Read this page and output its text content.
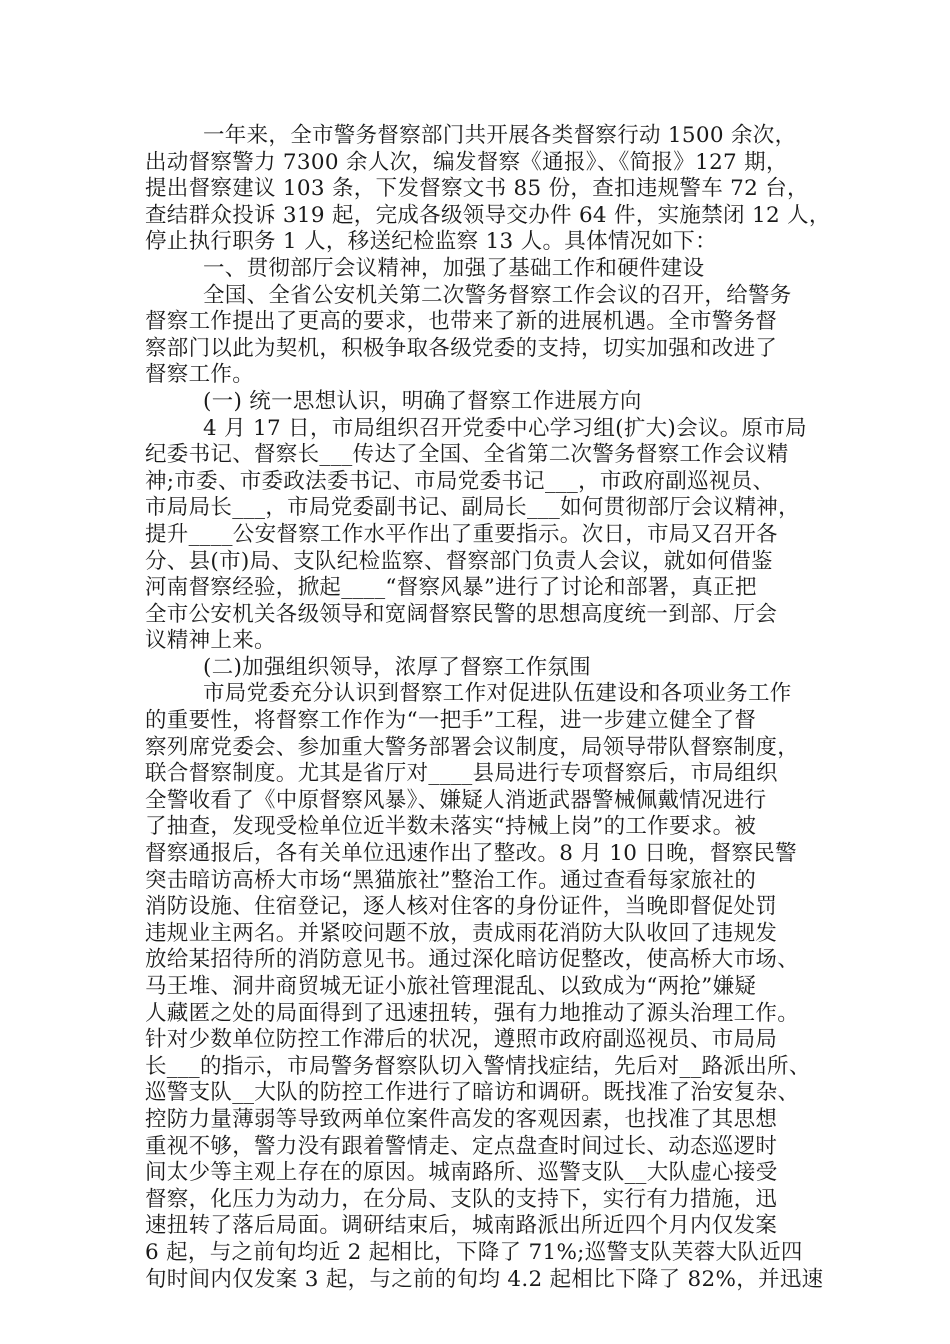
一年来，全市警务督察部门共开展各类督察行动 1500 余次，
出动督察警力 7300 余人次，编发督察《通报》、《简报》127 期，
提出督察建议 103 条，下发督察文书 85 份，查扣违规警车 72 台，
查结群众投诉 319 起，完成各级领导交办件 64 件，实施禁闭 12 人，
停止执行职务 1 人，移送纪检监察 13 人。具体情况如下：
一、贯彻部厅会议精神，加强了基础工作和硬件建设
全国、全省公安机关第二次警务督察工作会议的召开，给警务
督察工作提出了更高的要求，也带来了新的进展机遇。全市警务督
察部门以此为契机，积极争取各级党委的支持，切实加强和改进了
督察工作。
(一) 统一思想认识，明确了督察工作进展方向
4 月 17 日，市局组织召开党委中心学习组(扩大)会议。原市局
纪委书记、督察长___传达了全国、全省第二次警务督察工作会议精
神;市委、市委政法委书记、市局党委书记___，市政府副巡视员、
市局局长___，市局党委副书记、副局长___如何贯彻部厅会议精神，
提升____公安督察工作水平作出了重要指示。次日，市局又召开各
分、县(市)局、支队纪检监察、督察部门负责人会议，就如何借鉴
河南督察经验，掀起____“督察风暴”进行了讨论和部署，真正把
全市公安机关各级领导和宽阔督察民警的思想高度统一到部、厅会
议精神上来。
(二)加强组织领导，浓厚了督察工作氛围
市局党委充分认识到督察工作对促进队伍建设和各项业务工作
的重要性，将督察工作作为“一把手”工程，进一步建立健全了督
察列席党委会、参加重大警务部署会议制度，局领导带队督察制度，
联合督察制度。尤其是省厅对____县局进行专项督察后，市局组织
全警收看了《中原督察风暴》、嫌疑人消逝武器警械佩戴情况进行
了抽查，发现受检单位近半数未落实“持械上岗”的工作要求。被
督察通报后，各有关单位迅速作出了整改。8 月 10 日晚，督察民警
突击暗访高桥大市场“黑猫旅社”整治工作。通过查看每家旅社的
消防设施、住宿登记，逐人核对住客的身份证件，当晚即督促处罚
违规业主两名。并紧咬问题不放，责成雨花消防大队收回了违规发
放给某招待所的消防意见书。通过深化暗访促整改，使高桥大市场、
马王堆、洞井商贸城无证小旅社管理混乱、以致成为“两抢”嫌疑
人藏匿之处的局面得到了迅速扭转，强有力地推动了源头治理工作。
针对少数单位防控工作滞后的状况，遵照市政府副巡视员、市局局
长___的指示，市局警务督察队切入警情找症结，先后对__路派出所、
巡警支队__大队的防控工作进行了暗访和调研。既找准了治安复杂、
控防力量薄弱等导致两单位案件高发的客观因素，也找准了其思想
重视不够，警力没有跟着警情走、定点盘查时间过长、动态巡逻时
间太少等主观上存在的原因。城南路所、巡警支队__大队虚心接受
督察，化压力为动力，在分局、支队的支持下，实行有力措施，迅
速扭转了落后局面。调研结束后，城南路派出所近四个月内仅发案
6 起，与之前旬均近 2 起相比，下降了 71%;巡警支队芙蓉大队近四
旬时间内仅发案 3 起，与之前的旬均 4.2 起相比下降了 82%，并迅速
